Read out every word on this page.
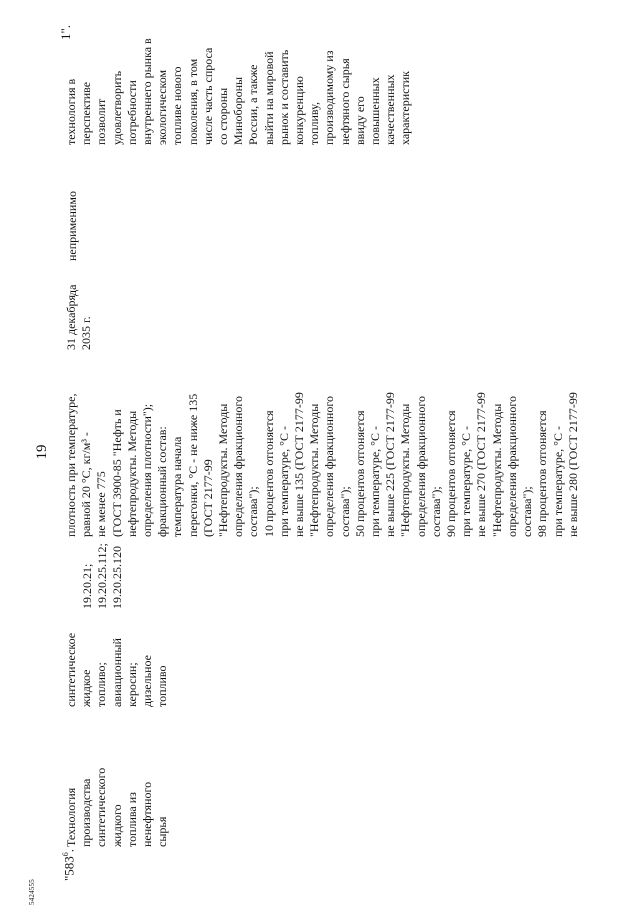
19
5424555
"$583^6$.
Технология производства синтетического жидкого топлива из ненефтяного сырья
синтетическое жидкое топливо; авиационный керосин; дизельное топливо
19.20.21; 19.20.25.112; 19.20.25.120
плотность при температуре, равной 20 °С, кг/м³ - не менее 775 (ГОСТ 3900-85 "Нефть и нефтепродукты. Методы определения плотности"); фракционный состав: температура начала перегонки, °С - не ниже 135 (ГОСТ 2177-99 "Нефтепродукты. Методы определения фракционного состава"); 10 процентов отгоняется при температуре, °С - не выше 135 (ГОСТ 2177-99 "Нефтепродукты. Методы определения фракционного состава"); 50 процентов отгоняется при температуре, °С - не выше 225 (ГОСТ 2177-99 "Нефтепродукты. Методы определения фракционного состава"); 90 процентов отгоняется при температуре, °С - не выше 270 (ГОСТ 2177-99 "Нефтепродукты. Методы определения фракционного состава"); 98 процентов отгоняется при температуре, °С - не выше 280 (ГОСТ 2177-99
31 декабря 2035 г.
да
неприменимо
технология в перспективе позволит удовлетворить потребности внутреннего рынка в экологическом топливе нового поколения, в том числе часть спроса со стороны Минобороны России, а также выйти на мировой рынок и составить конкуренцию топливу, производимому из нефтяного сырья ввиду его повышенных качественных характеристик
1".
